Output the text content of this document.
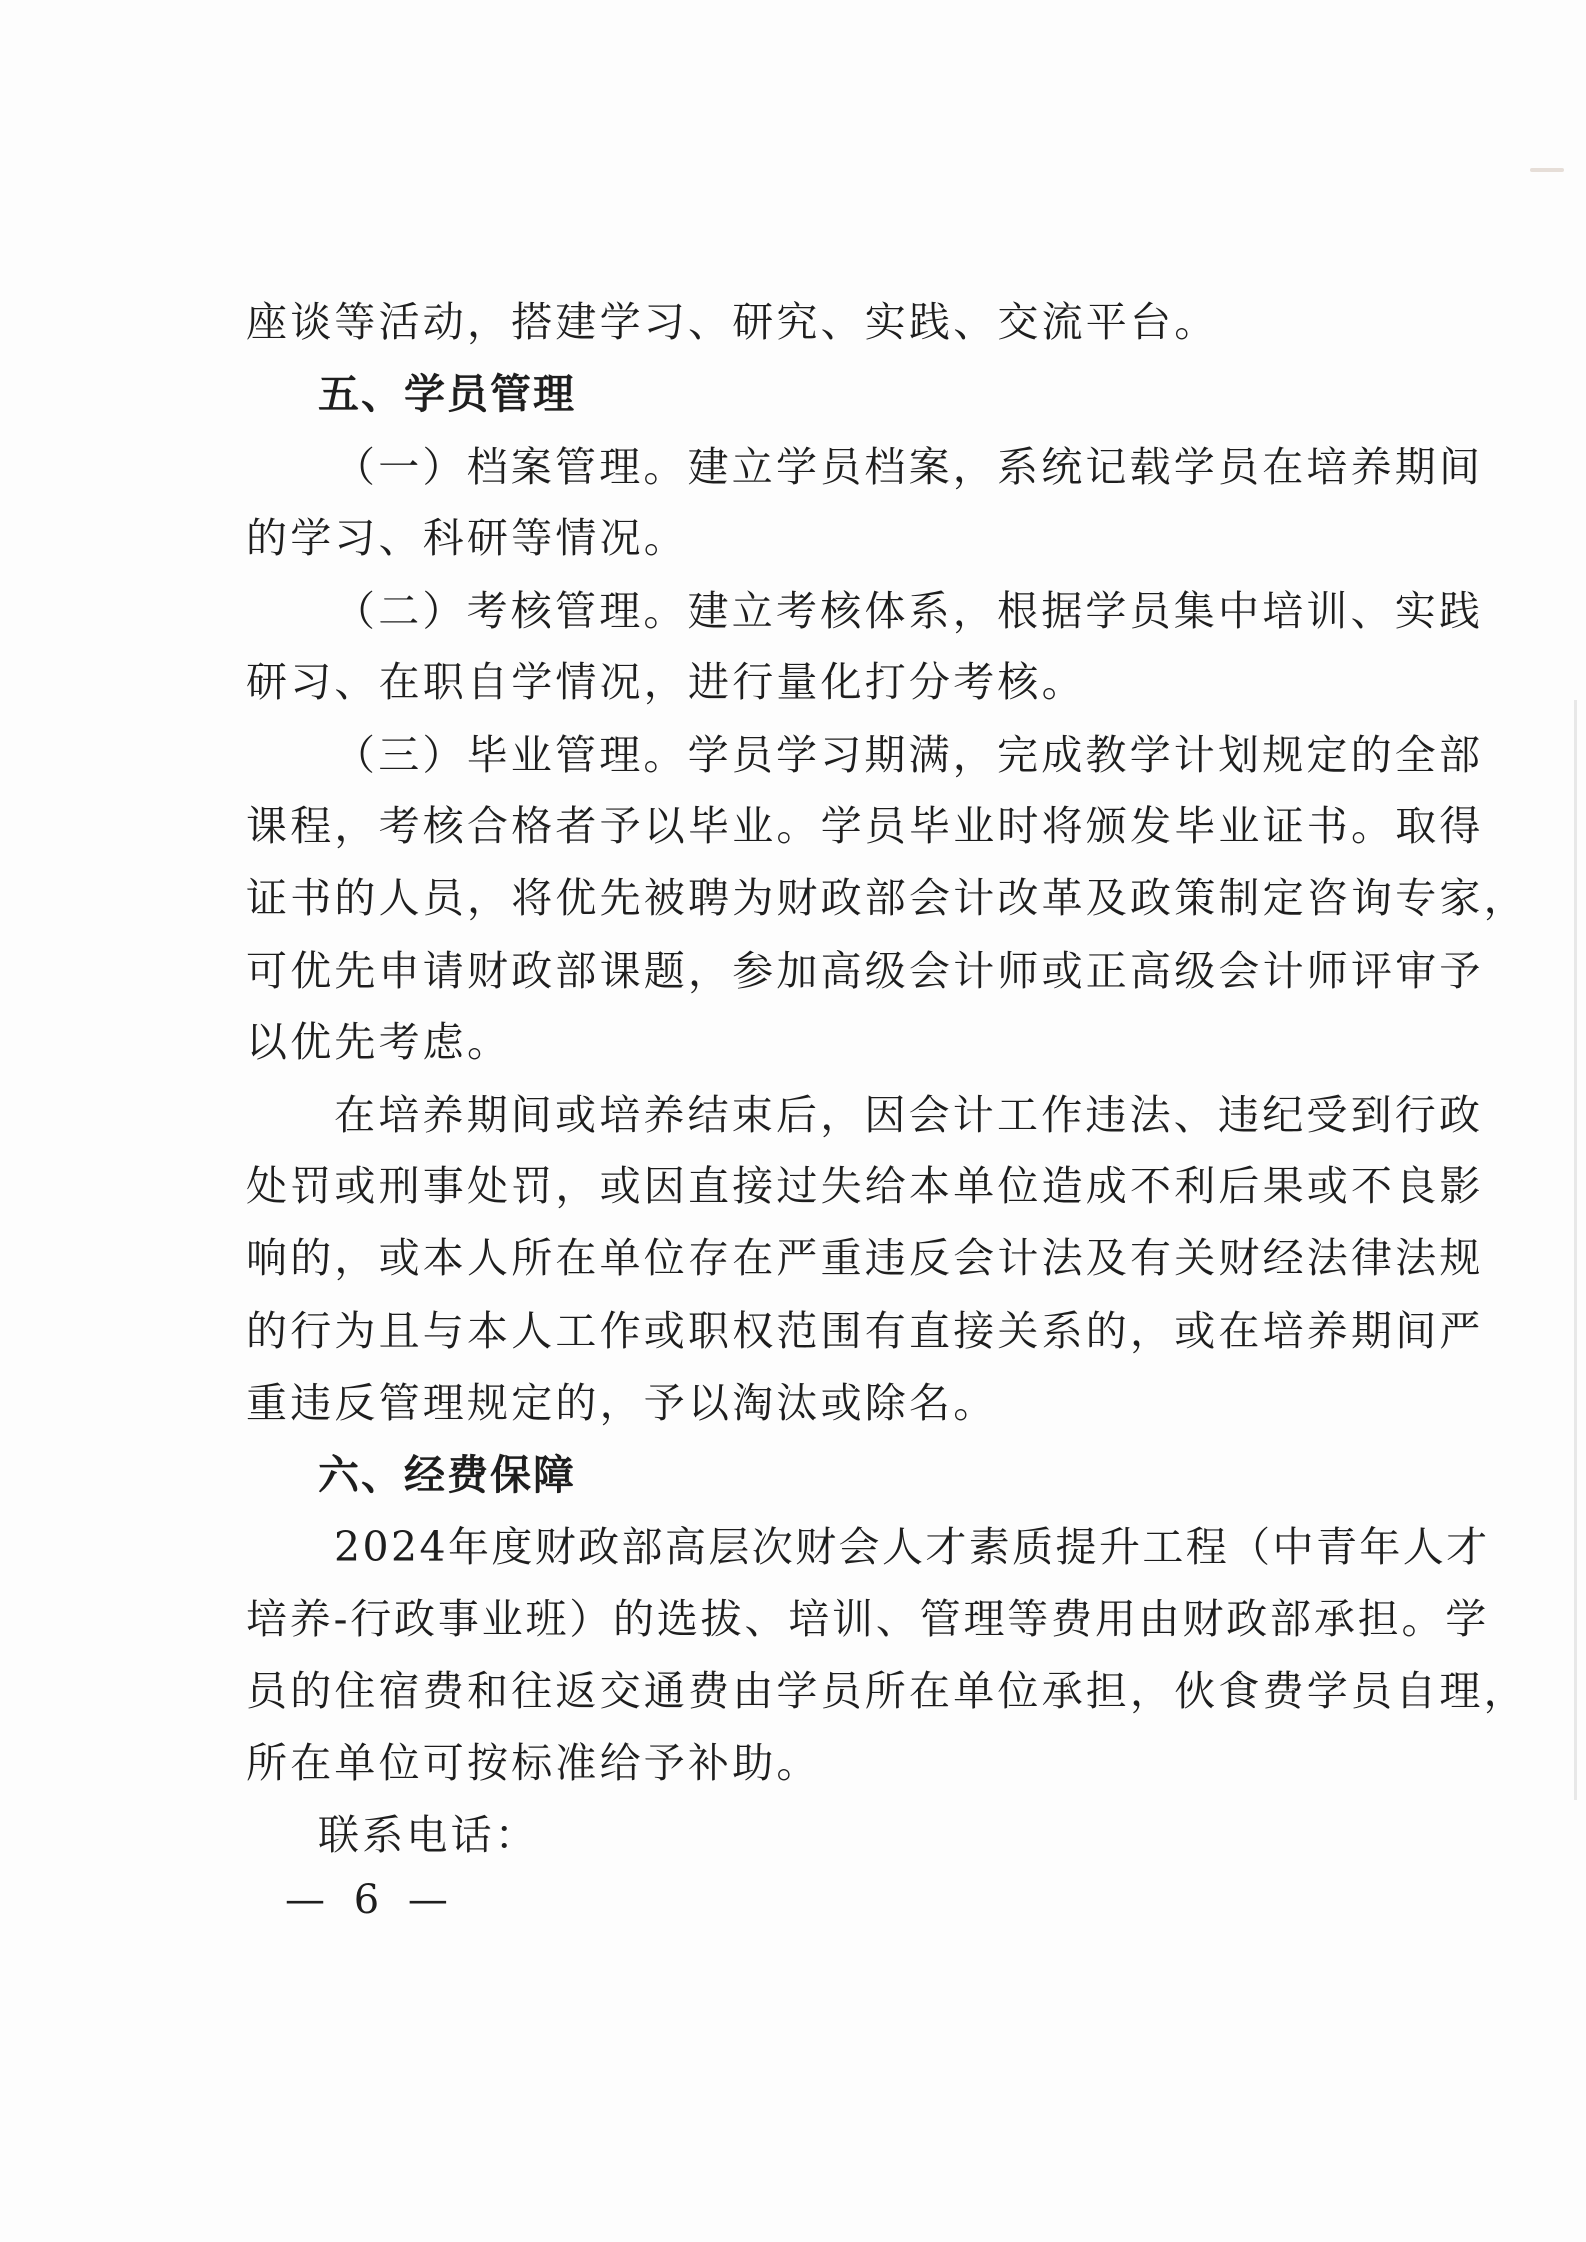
座谈等活动，搭建学习、研究、实践、交流平台。
五、学员管理
（一）档案管理。建立学员档案，系统记载学员在培养期间
的学习、科研等情况。
（二）考核管理。建立考核体系，根据学员集中培训、实践
研习、在职自学情况，进行量化打分考核。
（三）毕业管理。学员学习期满，完成教学计划规定的全部
课程，考核合格者予以毕业。学员毕业时将颁发毕业证书。取得
证书的人员，将优先被聘为财政部会计改革及政策制定咨询专家，
可优先申请财政部课题，参加高级会计师或正高级会计师评审予
以优先考虑。
在培养期间或培养结束后，因会计工作违法、违纪受到行政
处罚或刑事处罚，或因直接过失给本单位造成不利后果或不良影
响的，或本人所在单位存在严重违反会计法及有关财经法律法规
的行为且与本人工作或职权范围有直接关系的，或在培养期间严
重违反管理规定的，予以淘汰或除名。
六、经费保障
2024年度财政部高层次财会人才素质提升工程（中青年人才
培养-行政事业班）的选拔、培训、管理等费用由财政部承担。学
员的住宿费和往返交通费由学员所在单位承担，伙食费学员自理，
所在单位可按标准给予补助。
联系电话：
— 6 —
